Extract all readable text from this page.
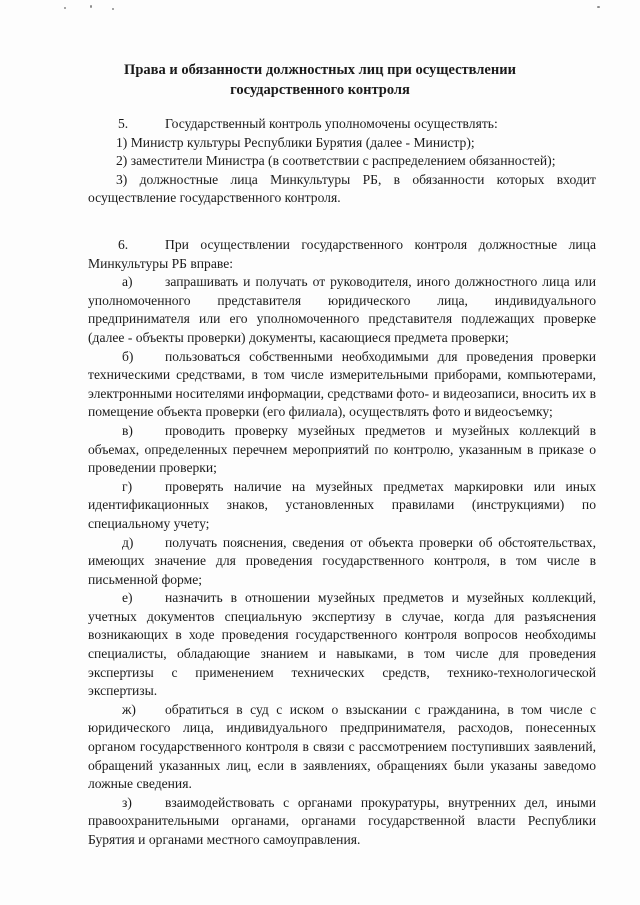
Права и обязанности должностных лиц при осуществлении
государственного контроля

5.	Государственный контроль уполномочены осуществлять:

1) Министр культуры Республики Бурятия (далее - Министр);

2) заместители Министра (в соответствии с распределением обязанностей);

3) должностные лица Минкультуры РБ, в обязанности которых входит осуществление государственного контроля.

6.	При осуществлении государственного контроля должностные лица Минкультуры РБ вправе:

а) запрашивать и получать от руководителя, иного должностного лица или уполномоченного представителя юридического лица, индивидуального предпринимателя или его уполномоченного представителя подлежащих проверке (далее - объекты проверки) документы, касающиеся предмета проверки;

б) пользоваться собственными необходимыми для проведения проверки техническими средствами, в том числе измерительными приборами, компьютерами, электронными носителями информации, средствами фото- и видеозаписи, вносить их в помещение объекта проверки (его филиала), осуществлять фото и видеосъемку;

в) проводить проверку музейных предметов и музейных коллекций в объемах, определенных перечнем мероприятий по контролю, указанным в приказе о проведении проверки;

г) проверять наличие на музейных предметах маркировки или иных идентификационных знаков, установленных правилами (инструкциями) по специальному учету;

д) получать пояснения, сведения от объекта проверки об обстоятельствах, имеющих значение для проведения государственного контроля, в том числе в письменной форме;

е) назначить в отношении музейных предметов и музейных коллекций, учетных документов специальную экспертизу в случае, когда для разъяснения возникающих в ходе проведения государственного контроля вопросов необходимы специалисты, обладающие знанием и навыками, в том числе для проведения экспертизы с применением технических средств, технико-технологической экспертизы.

ж) обратиться в суд с иском о взыскании с гражданина, в том числе с юридического лица, индивидуального предпринимателя, расходов, понесенных органом государственного контроля в связи с рассмотрением поступивших заявлений, обращений указанных лиц, если в заявлениях, обращениях были указаны заведомо ложные сведения.

з) взаимодействовать с органами прокуратуры, внутренних дел, иными правоохранительными органами, органами государственной власти Республики Бурятия и органами местного самоуправления.
